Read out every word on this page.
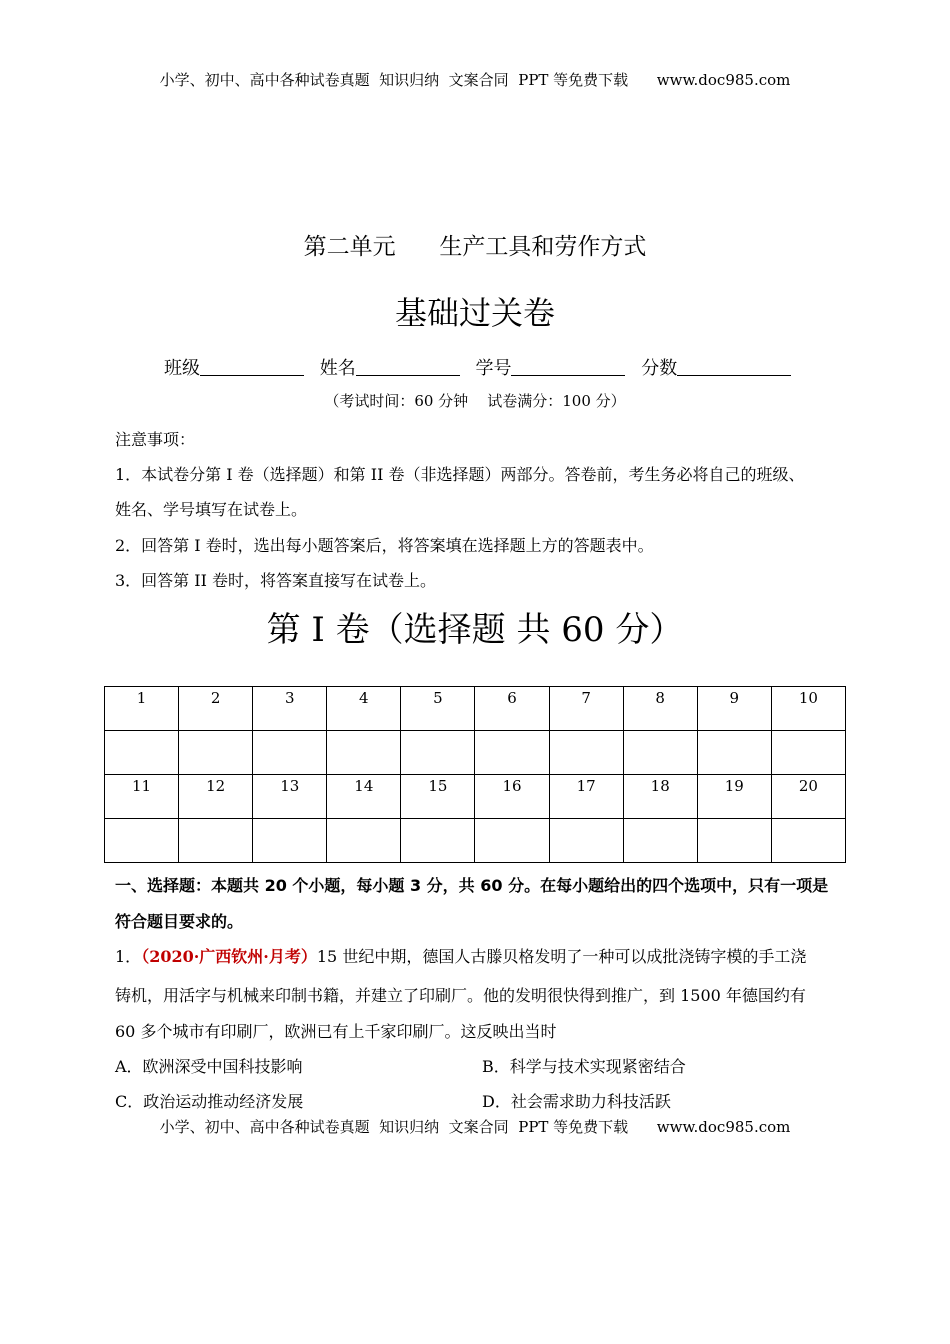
小学、初中、高中各种试卷真题  知识归纳  文案合同  PPT 等免费下载      www.doc985.com
第二单元      生产工具和劳作方式
基础过关卷
班级	姓名	学号	分数
（考试时间：60 分钟    试卷满分：100 分）
注意事项：
1．本试卷分第 I 卷（选择题）和第 II 卷（非选择题）两部分。答卷前，考生务必将自己的班级、
姓名、学号填写在试卷上。
2．回答第 I 卷时，选出每小题答案后，将答案填在选择题上方的答题表中。
3．回答第 II 卷时，将答案直接写在试卷上。
第 I 卷（选择题 共 60 分）
1	2	3	4	5	6	7	8	9	10

11	12	13	14	15	16	17	18	19	20

一、选择题：本题共 20 个小题，每小题 3 分，共 60 分。在每小题给出的四个选项中，只有一项是
符合题目要求的。
1．（2020·广西钦州·月考）15 世纪中期，德国人古滕贝格发明了一种可以成批浇铸字模的手工浇
铸机，用活字与机械来印制书籍，并建立了印刷厂。他的发明很快得到推广，到 1500 年德国约有
60 多个城市有印刷厂，欧洲已有上千家印刷厂。这反映出当时
A．欧洲深受中国科技影响	B．科学与技术实现紧密结合
C．政治运动推动经济发展	D．社会需求助力科技活跃
小学、初中、高中各种试卷真题  知识归纳  文案合同  PPT 等免费下载      www.doc985.com
